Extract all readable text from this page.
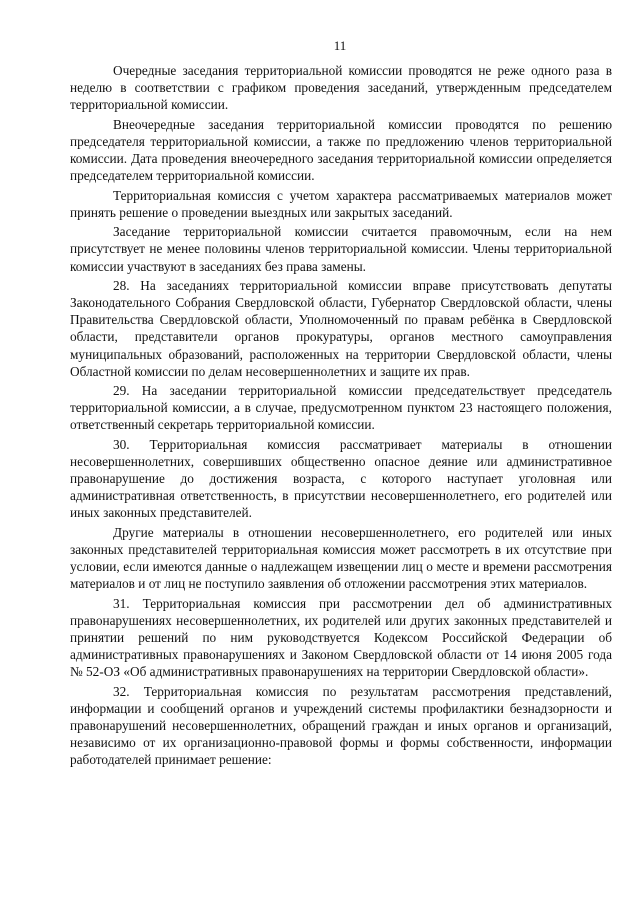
11

Очередные заседания территориальной комиссии проводятся не реже одного раза в неделю в соответствии с графиком проведения заседаний, утвержденным председателем территориальной комиссии.

Внеочередные заседания территориальной комиссии проводятся по решению председателя территориальной комиссии, а также по предложению членов территориальной комиссии. Дата проведения внеочередного заседания территориальной комиссии определяется председателем территориальной комиссии.

Территориальная комиссия с учетом характера рассматриваемых материалов может принять решение о проведении выездных или закрытых заседаний.

Заседание территориальной комиссии считается правомочным, если на нем присутствует не менее половины членов территориальной комиссии. Члены территориальной комиссии участвуют в заседаниях без права замены.

28. На заседаниях территориальной комиссии вправе присутствовать депутаты Законодательного Собрания Свердловской области, Губернатор Свердловской области, члены Правительства Свердловской области, Уполномоченный по правам ребёнка в Свердловской области, представители органов прокуратуры, органов местного самоуправления муниципальных образований, расположенных на территории Свердловской области, члены Областной комиссии по делам несовершеннолетних и защите их прав.

29. На заседании территориальной комиссии председательствует председатель территориальной комиссии, а в случае, предусмотренном пунктом 23 настоящего положения, ответственный секретарь территориальной комиссии.

30. Территориальная комиссия рассматривает материалы в отношении несовершеннолетних, совершивших общественно опасное деяние или административное правонарушение до достижения возраста, с которого наступает уголовная или административная ответственность, в присутствии несовершеннолетнего, его родителей или иных законных представителей.

Другие материалы в отношении несовершеннолетнего, его родителей или иных законных представителей территориальная комиссия может рассмотреть в их отсутствие при условии, если имеются данные о надлежащем извещении лиц о месте и времени рассмотрения материалов и от лиц не поступило заявления об отложении рассмотрения этих материалов.

31. Территориальная комиссия при рассмотрении дел об административных правонарушениях несовершеннолетних, их родителей или других законных представителей и принятии решений по ним руководствуется Кодексом Российской Федерации об административных правонарушениях и Законом Свердловской области от 14 июня 2005 года № 52-ОЗ «Об административных правонарушениях на территории Свердловской области».

32. Территориальная комиссия по результатам рассмотрения представлений, информации и сообщений органов и учреждений системы профилактики безнадзорности и правонарушений несовершеннолетних, обращений граждан и иных органов и организаций, независимо от их организационно-правовой формы и формы собственности, информации работодателей принимает решение:
